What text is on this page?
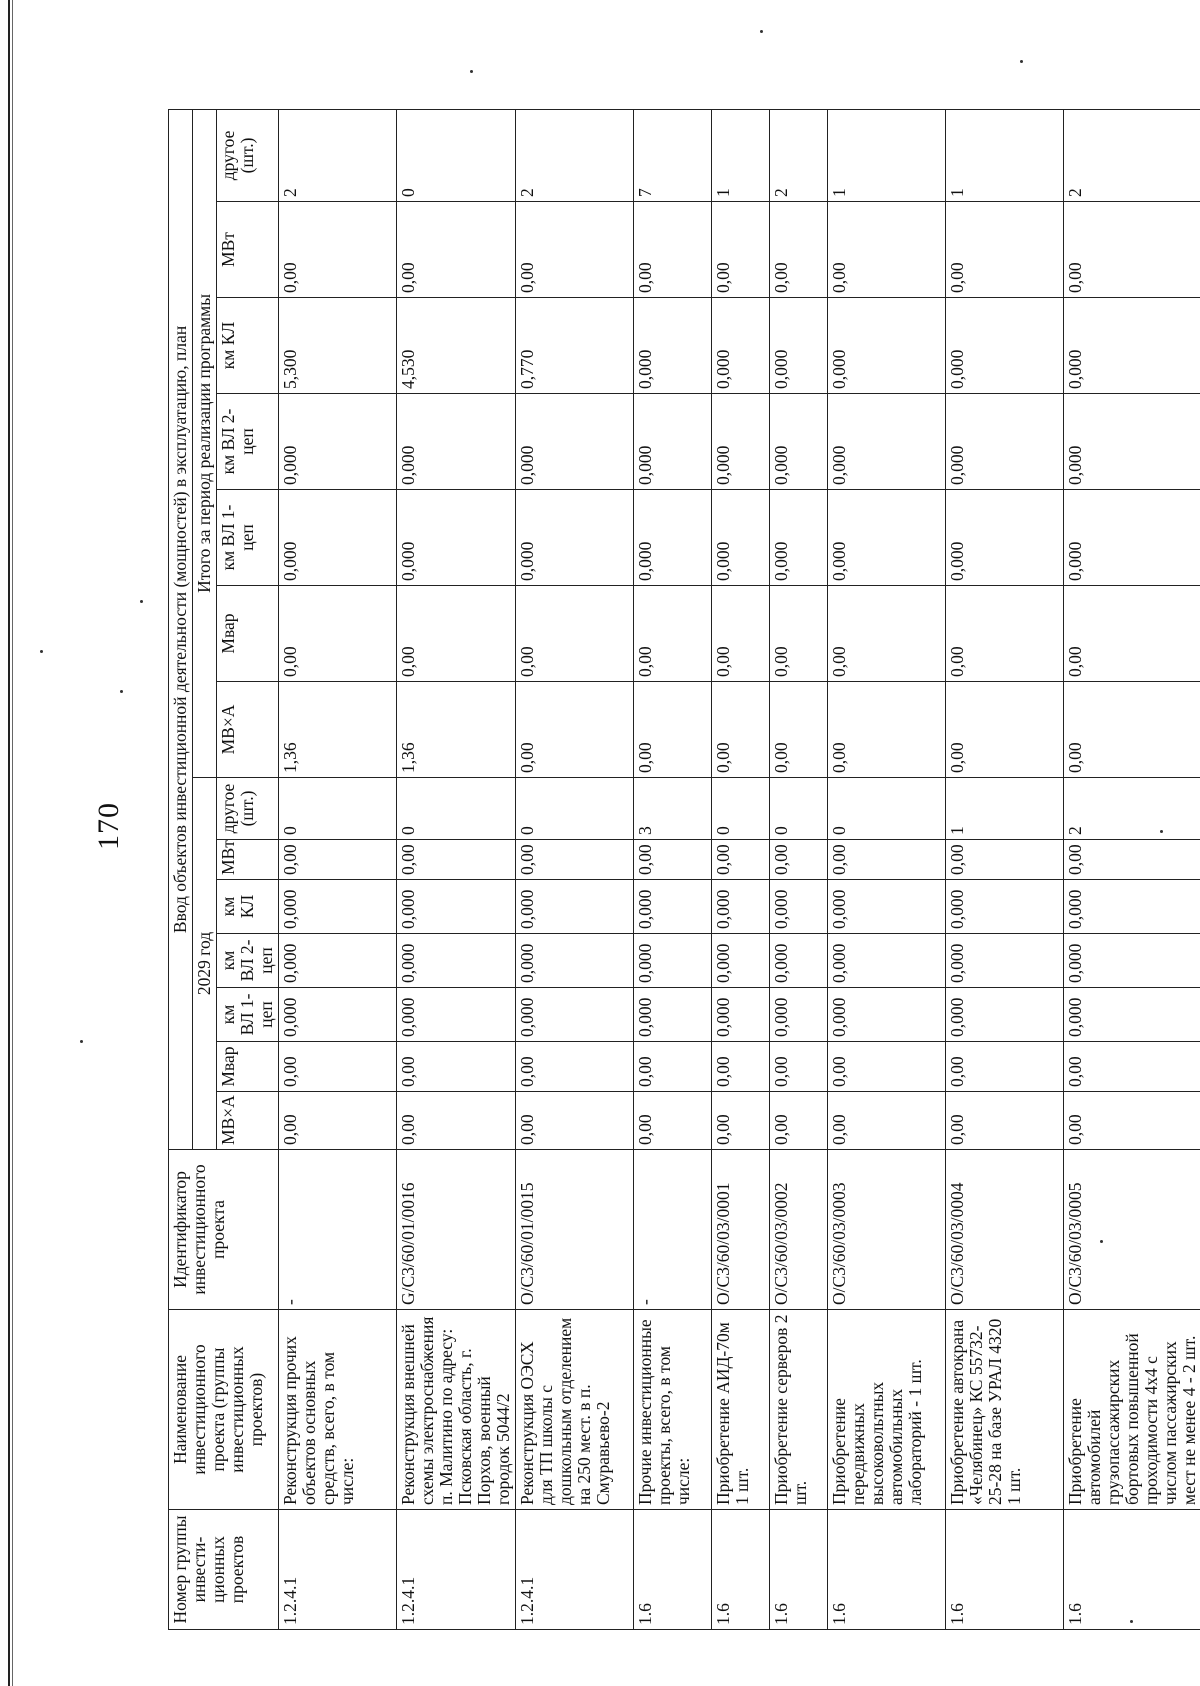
170
Номер группы инвести-ционных проектов	Наименование инвестиционного проекта (группы инвестиционных проектов)	Идентификатор инвестиционного проекта	Ввод объектов инвестиционной деятельности (мощностей) в эксплуатацию, план													
			2029 год							Итого за период реализации программы						
			МВ×А	Мвар	км ВЛ 1-цеп	км ВЛ 2-цеп	км КЛ	МВт	другое (шт.)	МВ×А	Мвар	км ВЛ 1-цеп	км ВЛ 2-цеп	км КЛ	МВт	другое (шт.)
1.2.4.1	Реконструкция прочих объектов основных средств, всего, в том числе:	-	0,00	0,00	0,000	0,000	0,000	0,00	0	1,36	0,00	0,000	0,000	5,300	0,00	2
1.2.4.1	Реконструкция внешней схемы электроснабжения п. Малитино по адресу: Псковская область, г. Порхов, военный городок 5044/2	G/C3/60/01/0016	0,00	0,00	0,000	0,000	0,000	0,00	0	1,36	0,00	0,000	0,000	4,530	0,00	0
1.2.4.1	Реконструкция ОЭСХ для ТП школы с дошкольным отделением на 250 мест. в п. Смуравьево-2	O/C3/60/01/0015	0,00	0,00	0,000	0,000	0,000	0,00	0	0,00	0,00	0,000	0,000	0,770	0,00	2
1.6	Прочие инвестиционные проекты, всего, в том числе:	-	0,00	0,00	0,000	0,000	0,000	0,00	3	0,00	0,00	0,000	0,000	0,000	0,00	7
1.6	Приобретение АИД-70м 1 шт.	O/C3/60/03/0001	0,00	0,00	0,000	0,000	0,000	0,00	0	0,00	0,00	0,000	0,000	0,000	0,00	1
1.6	Приобретение серверов 2 шт.	O/C3/60/03/0002	0,00	0,00	0,000	0,000	0,000	0,00	0	0,00	0,00	0,000	0,000	0,000	0,00	2
1.6	Приобретение передвижных высоковольтных автомобильных лабораторий - 1 шт.	O/C3/60/03/0003	0,00	0,00	0,000	0,000	0,000	0,00	0	0,00	0,00	0,000	0,000	0,000	0,00	1
1.6	Приобретение автокрана «Челябинец» КС 55732-25-28 на базе УРАЛ 4320 1 шт.	O/C3/60/03/0004	0,00	0,00	0,000	0,000	0,000	0,00	1	0,00	0,00	0,000	0,000	0,000	0,00	1
1.6	Приобретение автомобилей грузопассажирских бортовых повышенной проходимости 4x4 с числом пассажирских мест не менее 4 - 2 шт.	O/C3/60/03/0005	0,00	0,00	0,000	0,000	0,000	0,00	2	0,00	0,00	0,000	0,000	0,000	0,00	2
